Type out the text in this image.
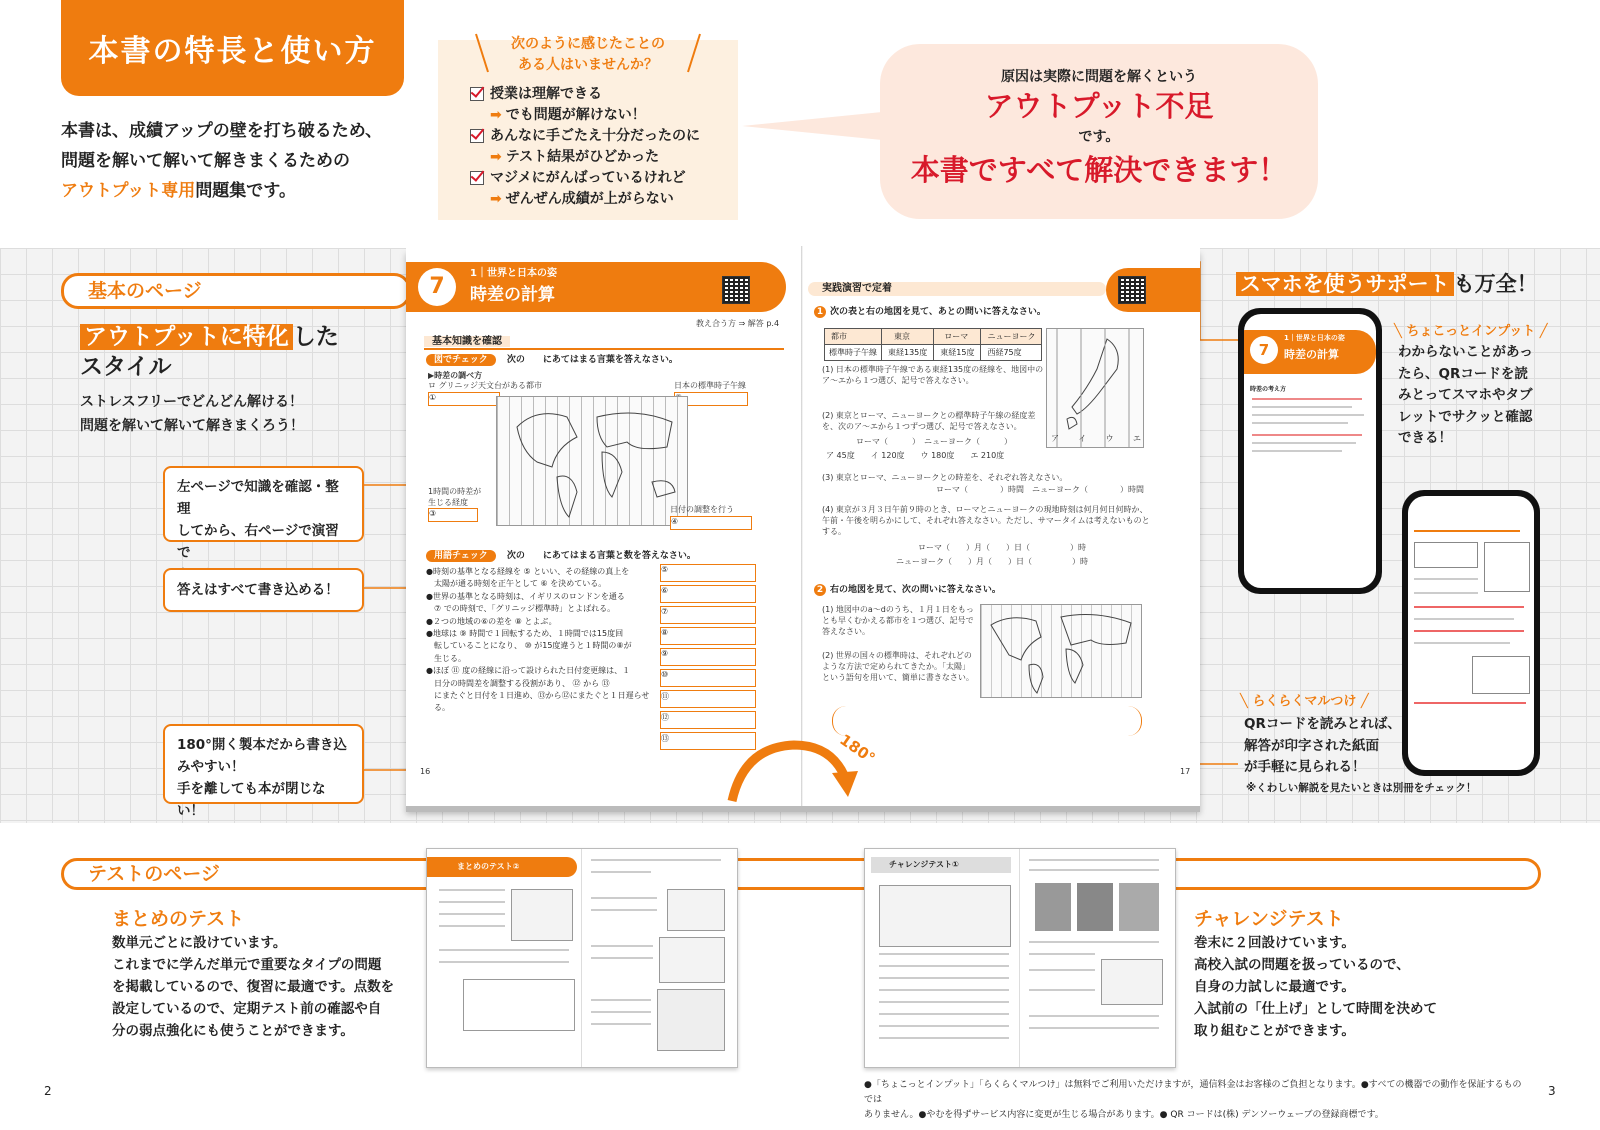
本書の特長と使い方
本書は、成績アップの壁を打ち破るため、
問題を解いて解いて解きまくるための
アウトプット専用問題集です。
次のように感じたことの
ある人はいませんか？
授業は理解できる
➡ でも問題が解けない！
あんなに手ごたえ十分だったのに
➡ テスト結果がひどかった
マジメにがんばっているけれど
➡ ぜんぜん成績が上がらない
原因は実際に問題を解くという
アウトプット不足
です。
本書ですべて解決できます！
基本のページ
アウトプットに特化 した
スタイル
ストレスフリーでどんどん解ける！
問題を解いて解いて解きまくろう！
左ページで知識を確認・整理
してから、右ページで演習で
答えはすべて書き込める！
180°開く製本だから書き込
みやすい！
手を離しても本が閉じない！
7
1｜世界と日本の姿
時差の計算
教え合う方 ⇒ 解答 p.4
基本知識を確認
図でチェック 次の　　にあてはまる言葉を答えなさい。
▶時差の調べ方
ロ グリニッジ天文台がある都市	日本の標準時子午線
①
1時間の時差が生じる経度
③	日付の調整を行う
④
用語チェック 次の　　にあてはまる言葉と数を答えなさい。
●時刻の基準となる経線を ⑤ といい、その経線の真上を
　太陽が通る時刻を正午として ⑥ を決めている。
●世界の基準となる時刻は、イギリスのロンドンを通る
　⑦ での時刻で、「グリニッジ標準時」とよばれる。
●２つの地域の⑥の差を ⑧ とよぶ。
●地球は ⑨ 時間で１回転するため、１時間では15度回
　転していることになり、 ⑩ が15度違うと１時間の⑧が
　生じる。
●ほぼ ⑪ 度の経線に沿って設けられた日付変更線は、１
　日分の時間差を調整する役割があり、 ⑫ から ⑬
　にまたぐと日付を１日進め、⑬から⑫にまたぐと１日遅らせ
　る。
⑤
⑥
⑦
⑧
⑨
⑩
⑪
⑫
⑬
16
実践演習で定着
1 次の表と右の地図を見て、あとの問いに答えなさい。
都市	東京	ローマ	ニューヨーク
標準時子午線	東経135度	東経15度	西経75度
ア イ ウ エ
(1) 日本の標準時子午線である東経135度の経線を、地図中のア〜エから１つ選び、記号で答えなさい。
(2) 東京とローマ、ニューヨークとの標準時子午線の経度差を、次のア〜エから１つずつ選び、記号で答えなさい。
ローマ（　　　）　ニューヨーク（　　　）
ア 45度　　イ 120度　　ウ 180度　　エ 210度
(3) 東京とローマ、ニューヨークとの時差を、それぞれ答えなさい。
ローマ（　　　　）時間　ニューヨーク（　　　　）時間
(4) 東京が３月３日午前９時のとき、ローマとニューヨークの現地時刻は何月何日何時か、午前・午後を明らかにして、それぞれ答えなさい。ただし、サマータイムは考えないものとする。
ローマ（　　）月（　　）日（　　　　　）時
ニューヨーク（　　）月（　　）日（　　　　　）時
2 右の地図を見て、次の問いに答えなさい。
(1) 地図中のa〜dのうち、１月１日をもっとも早くむかえる都市を１つ選び、記号で答えなさい。
(2) 世界の国々の標準時は、それぞれどのような方法で定められてきたか。「太陽」という語句を用いて、簡単に書きなさい。
17
180°
スマホを使うサポート も万全！
7
1｜世界と日本の姿
時差の計算
時差の考え方
╲ ちょこっとインプット ╱
わからないことがあっ
たら、QRコードを読
みとってスマホやタブ
レットでサクッと確認
できる！
╲ らくらくマルつけ ╱
QRコードを読みとれば、
解答が印字された紙面
が手軽に見られる！
※くわしい解説を見たいときは別冊をチェック！
テストのページ
まとめのテスト
数単元ごとに設けています。
これまでに学んだ単元で重要なタイプの問題
を掲載しているので、復習に最適です。点数を
設定しているので、定期テスト前の確認や自
分の弱点強化にも使うことができます。
まとめのテスト②	チャレンジテスト①
チャレンジテスト
巻末に２回設けています。
高校入試の問題を扱っているので、
自身の力試しに最適です。
入試前の「仕上げ」として時間を決めて
取り組むことができます。
2	3
●「ちょこっとインプット」「らくらくマルつけ」は無料でご利用いただけますが，通信料金はお客様のご負担となります。●すべての機器での動作を保証するものでは
ありません。●やむを得ずサービス内容に変更が生じる場合があります。● QR コードは(株) デンソーウェーブの登録商標です。
